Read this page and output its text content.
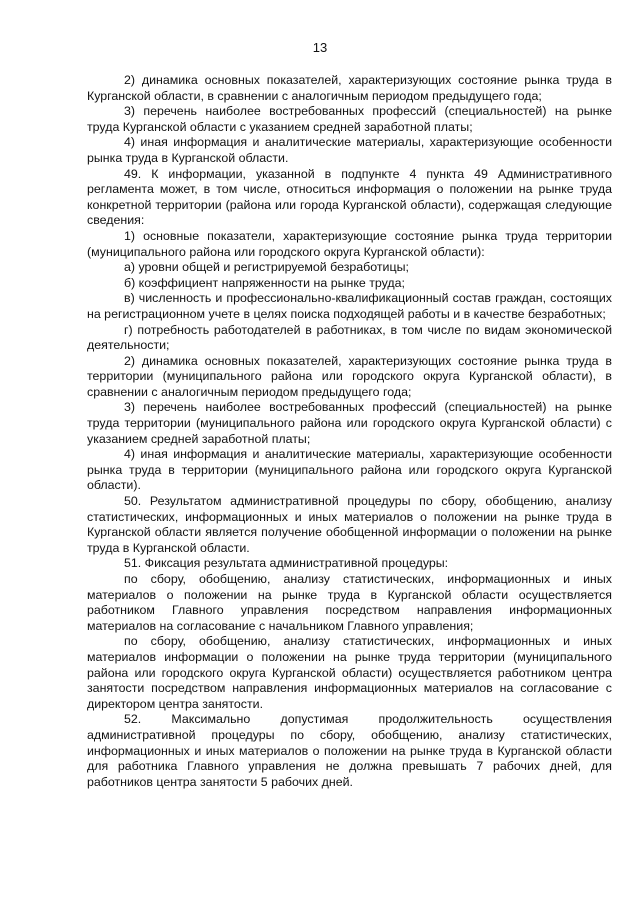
13

2) динамика основных показателей, характеризующих состояние рынка труда в Курганской области, в сравнении с аналогичным периодом предыдущего года;

3) перечень наиболее востребованных профессий (специальностей) на рынке труда Курганской области с указанием средней заработной платы;

4) иная информация и аналитические материалы, характеризующие особенности рынка труда в Курганской области.

49. К информации, указанной в подпункте 4 пункта 49 Административного регламента может, в том числе, относиться информация о положении на рынке труда конкретной территории (района или города Курганской области), содержащая следующие сведения:

1) основные показатели, характеризующие состояние рынка труда территории (муниципального района или городского округа Курганской области):

а) уровни общей и регистрируемой безработицы;

б) коэффициент напряженности на рынке труда;

в) численность и профессионально-квалификационный состав граждан, состоящих на регистрационном учете в целях поиска подходящей работы и в качестве безработных;

г) потребность работодателей в работниках, в том числе по видам экономической деятельности;

2) динамика основных показателей, характеризующих состояние рынка труда в территории (муниципального района или городского округа Курганской области), в сравнении с аналогичным периодом предыдущего года;

3) перечень наиболее востребованных профессий (специальностей) на рынке труда территории (муниципального района или городского округа Курганской области) с указанием средней заработной платы;

4) иная информация и аналитические материалы, характеризующие особенности рынка труда в территории (муниципального района или городского округа Курганской области).

50. Результатом административной процедуры по сбору, обобщению, анализу статистических, информационных и иных материалов о положении на рынке труда в Курганской области является получение обобщенной информации о положении на рынке труда в Курганской области.

51. Фиксация результата административной процедуры:

по сбору, обобщению, анализу статистических, информационных и иных материалов о положении на рынке труда в Курганской области осуществляется работником Главного управления посредством направления информационных материалов на согласование с начальником Главного управления;

по сбору, обобщению, анализу статистических, информационных и иных материалов информации о положении на рынке труда территории (муниципального района или городского округа Курганской области) осуществляется работником центра занятости посредством направления информационных материалов на согласование с директором центра занятости.

52. Максимально допустимая продолжительность осуществления административной процедуры по сбору, обобщению, анализу статистических, информационных и иных материалов о положении на рынке труда в Курганской области для работника Главного управления не должна превышать 7 рабочих дней, для работников центра занятости 5 рабочих дней.
